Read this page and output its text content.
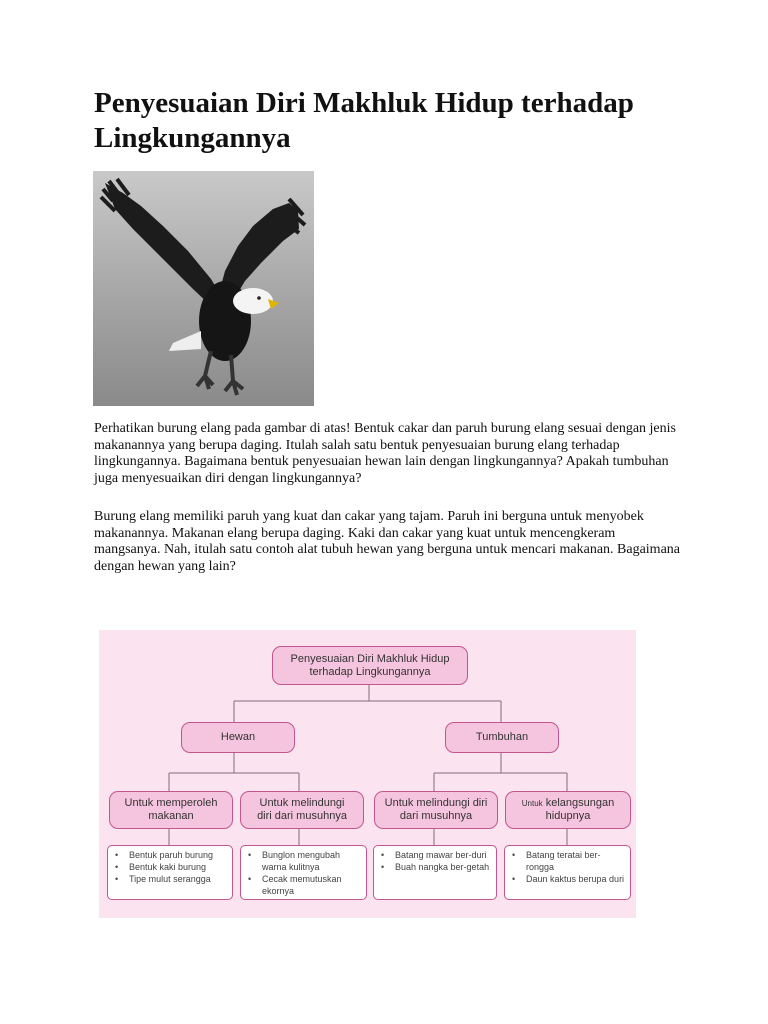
Penyesuaian Diri Makhluk Hidup terhadap Lingkungannya

Perhatikan burung elang pada gambar di atas! Bentuk cakar dan paruh burung elang sesuai dengan jenis makanannya yang berupa daging. Itulah salah satu bentuk penyesuaian burung elang terhadap lingkungannya. Bagaimana bentuk penyesuaian hewan lain dengan lingkungannya? Apakah tumbuhan juga menyesuaikan diri dengan lingkungannya?

Burung elang memiliki paruh yang kuat dan cakar yang tajam. Paruh ini berguna untuk menyobek makanannya. Makanan elang berupa daging. Kaki dan cakar yang kuat untuk mencengkeram mangsanya. Nah, itulah satu contoh alat tubuh hewan yang berguna untuk mencari makanan. Bagaimana dengan hewan yang lain?

Penyesuaian Diri Makhluk Hidup
terhadap Lingkungannya
Hewan	Tumbuhan
Untuk memperoleh
makanan
Untuk melindungi
diri dari musuhnya
Untuk melindungi diri
dari musuhnya
Untuk kelangsungan
hidupnya
• Bentuk paruh burung
• Bentuk kaki burung
• Tipe mulut serangga
• Bunglon mengubah warna kulitnya
• Cecak memutuskan ekornya
• Batang mawar ber-duri
• Buah nangka ber-getah
• Batang teratai ber-rongga
• Daun kaktus berupa duri
